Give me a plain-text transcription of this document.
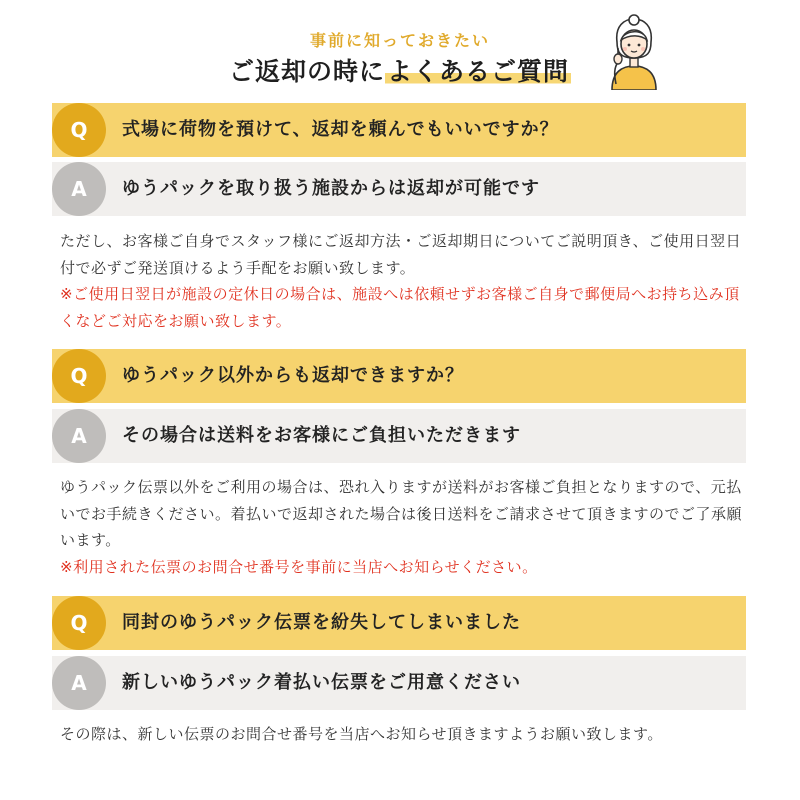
事前に知っておきたい
ご返却の時によくあるご質問
Q	式場に荷物を預けて、返却を頼んでもいいですか？
A	ゆうパックを取り扱う施設からは返却が可能です

ただし、お客様ご自身でスタッフ様にご返却方法・ご返却期日についてご説明頂き、ご使用日翌日付で必ずご発送頂けるよう手配をお願い致します。

※ご使用日翌日が施設の定休日の場合は、施設へは依頼せずお客様ご自身で郵便局へお持ち込み頂くなどご対応をお願い致します。

Q	ゆうパック以外からも返却できますか？
A	その場合は送料をお客様にご負担いただきます

ゆうパック伝票以外をご利用の場合は、恐れ入りますが送料がお客様ご負担となりますので、元払いでお手続きください。着払いで返却された場合は後日送料をご請求させて頂きますのでご了承願います。

※利用された伝票のお問合せ番号を事前に当店へお知らせください。

Q	同封のゆうパック伝票を紛失してしまいました
A	新しいゆうパック着払い伝票をご用意ください

その際は、新しい伝票のお問合せ番号を当店へお知らせ頂きますようお願い致します。
